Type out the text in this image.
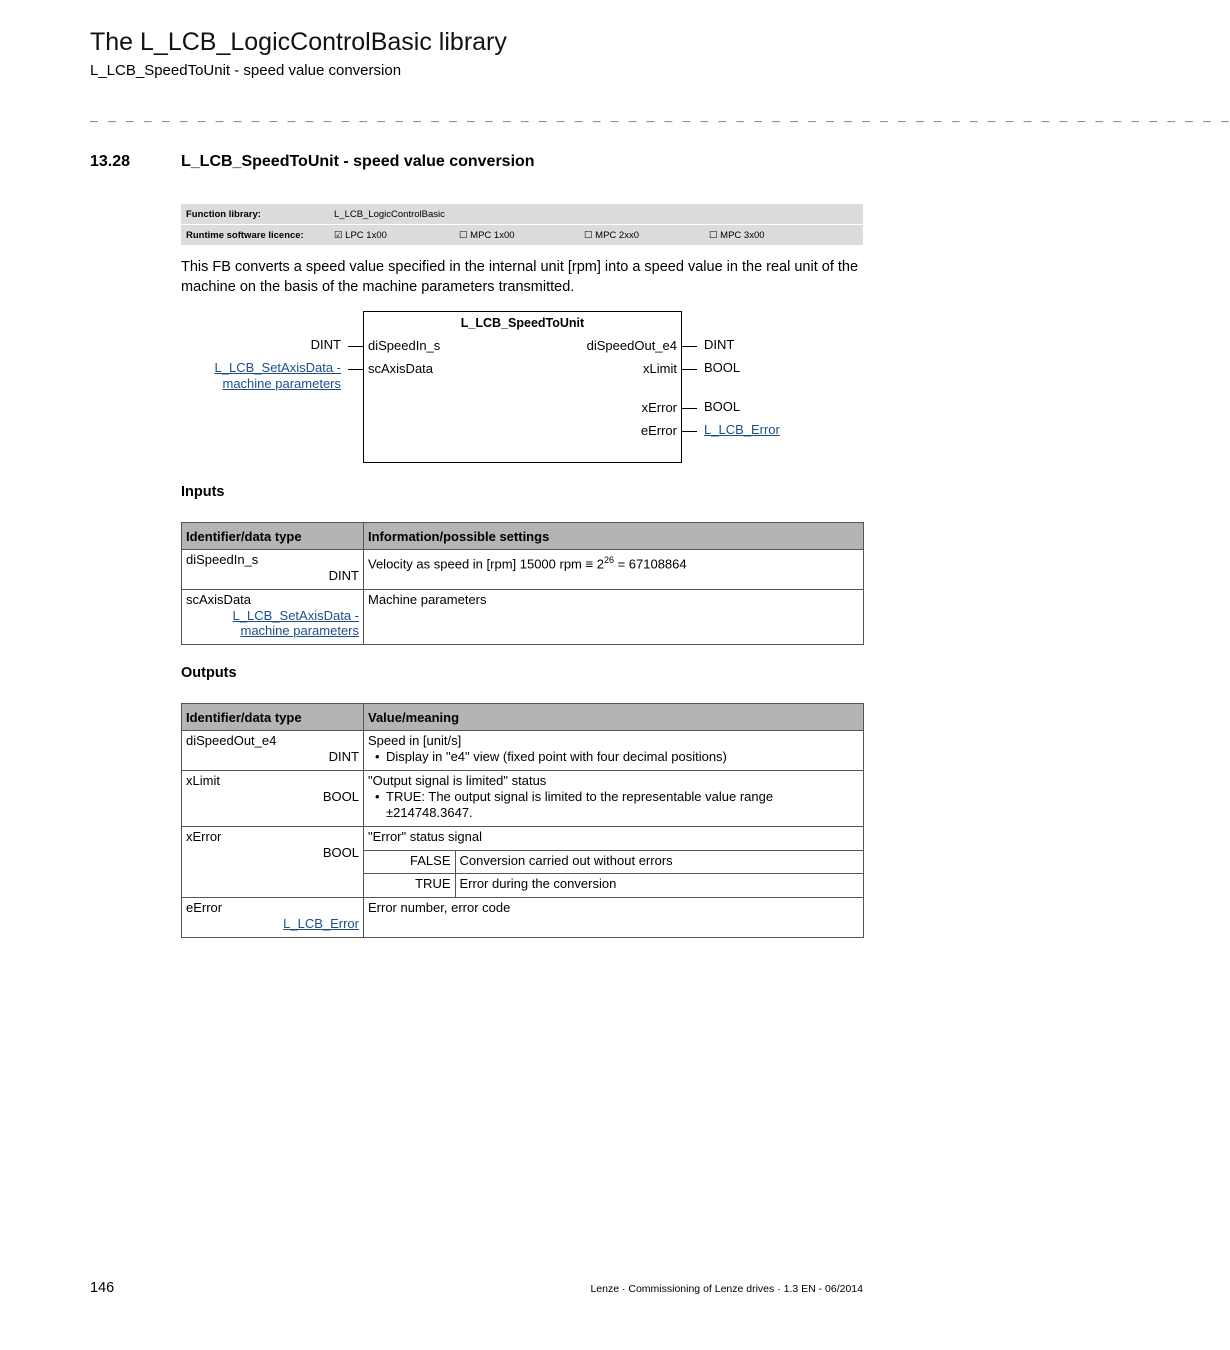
The L_LCB_LogicControlBasic library
L_LCB_SpeedToUnit - speed value conversion
_ _ _ _ _ _ _ _ _ _ _ _ _ _ _ _ _ _ _ _ _ _ _ _ _ _ _ _ _ _ _ _ _ _ _ _ _ _ _ _ _ _ _ _ _ _ _ _ _ _ _ _ _ _ _ _ _ _ _ _ _ _ _ _
13.28	L_LCB_SpeedToUnit - speed value conversion
Function library:	L_LCB_LogicControlBasic
Runtime software licence:	☑ LPC 1x00	☐ MPC 1x00	☐ MPC 2xx0	☐ MPC 3x00
This FB converts a speed value specified in the internal unit [rpm] into a speed value in the real unit of the machine on the basis of the machine parameters transmitted.
L_LCB_SpeedToUnit
diSpeedIn_s
scAxisData
diSpeedOut_e4
xLimit
xError
eError
DINT
L_LCB_SetAxisData -
machine parameters
DINT
BOOL
BOOL
L_LCB_Error
Inputs
Identifier/data type	Information/possible settings

diSpeedIn_s
DINT	Velocity as speed in [rpm] 15000 rpm ≡ $2^{26} = 67108864$

scAxisData
L_LCB_SetAxisData -
machine parameters	Machine parameters
Outputs
Identifier/data type	Value/meaning

diSpeedOut_e4
DINT

Speed in [unit/s]
• Display in "e4" view (fixed point with four decimal positions)

xLimit
BOOL

"Output signal is limited" status
• TRUE: The output signal is limited to the representable value range
±214748.3647.

xError
BOOL

"Error" status signal
FALSE	Conversion carried out without errors
TRUE	Error during the conversion

eError
L_LCB_Error
	Error number, error code
146	Lenze · Commissioning of Lenze drives · 1.3 EN - 06/2014
